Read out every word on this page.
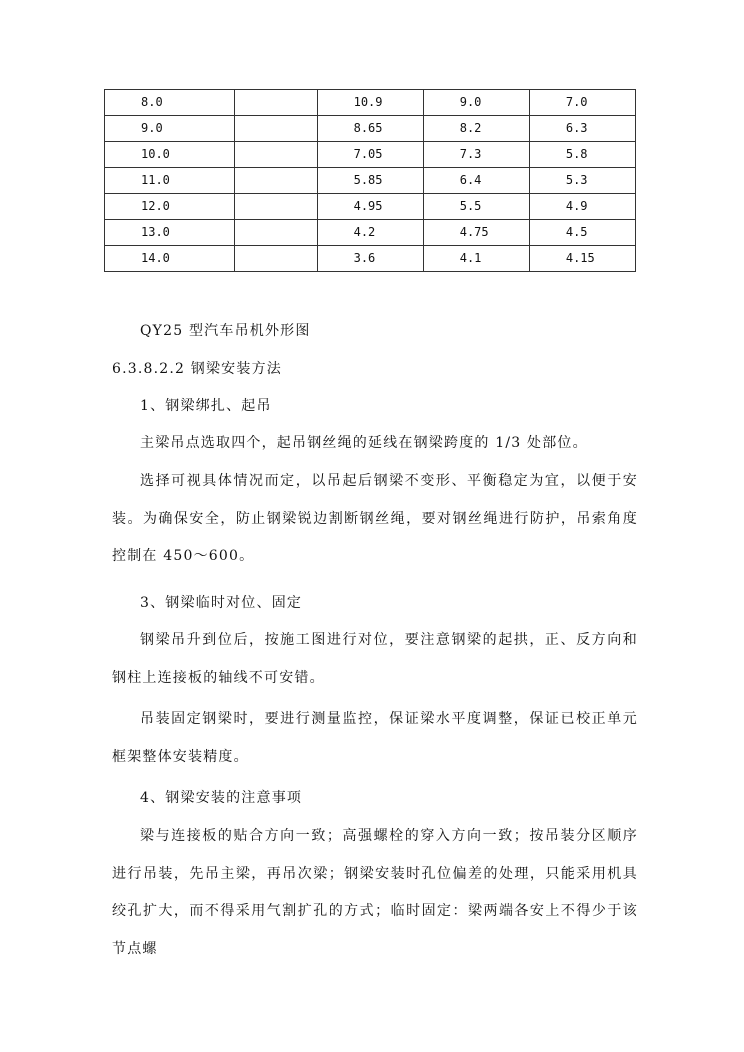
8.0		10.9	9.0	7.0
9.0		8.65	8.2	6.3
10.0		7.05	7.3	5.8
11.0		5.85	6.4	5.3
12.0		4.95	5.5	4.9
13.0		4.2	4.75	4.5
14.0		3.6	4.1	4.15
QY25 型汽车吊机外形图
6.3.8.2.2 钢梁安装方法

1、钢梁绑扎、起吊

主梁吊点选取四个，起吊钢丝绳的延线在钢梁跨度的 1/3 处部位。

选择可视具体情况而定，以吊起后钢梁不变形、平衡稳定为宜，以便于安装。为确保安全，防止钢梁锐边割断钢丝绳，要对钢丝绳进行防护，吊索角度控制在 450～600。

3、钢梁临时对位、固定

钢梁吊升到位后，按施工图进行对位，要注意钢梁的起拱，正、反方向和钢柱上连接板的轴线不可安错。

吊装固定钢梁时，要进行测量监控，保证梁水平度调整，保证已校正单元框架整体安装精度。

4、钢梁安装的注意事项

梁与连接板的贴合方向一致；高强螺栓的穿入方向一致；按吊装分区顺序进行吊装，先吊主梁，再吊次梁；钢梁安装时孔位偏差的处理，只能采用机具绞孔扩大，而不得采用气割扩孔的方式；临时固定：梁两端各安上不得少于该节点螺
